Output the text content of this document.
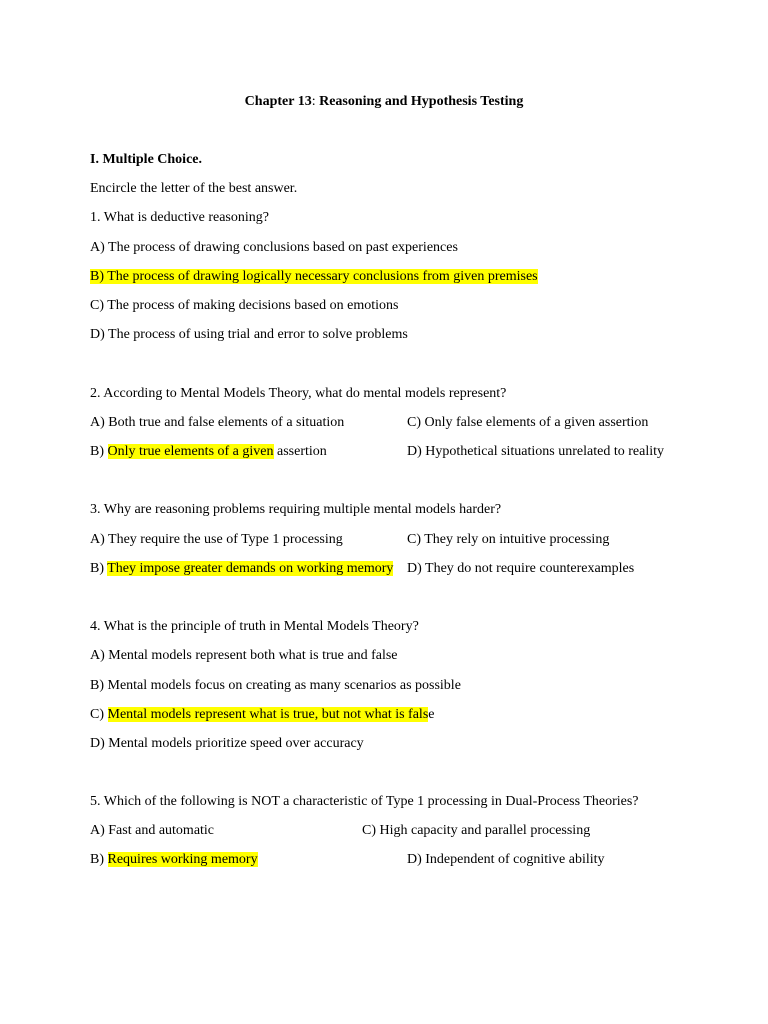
Chapter 13: Reasoning and Hypothesis Testing
I. Multiple Choice.
Encircle the letter of the best answer.
1. What is deductive reasoning?
A) The process of drawing conclusions based on past experiences
B) The process of drawing logically necessary conclusions from given premises
C) The process of making decisions based on emotions
D) The process of using trial and error to solve problems
2. According to Mental Models Theory, what do mental models represent?
A) Both true and false elements of a situation	C) Only false elements of a given assertion
B) Only true elements of a given assertion	D) Hypothetical situations unrelated to reality
3. Why are reasoning problems requiring multiple mental models harder?
A) They require the use of Type 1 processing	C) They rely on intuitive processing
B) They impose greater demands on working memory D) They do not require counterexamples
4. What is the principle of truth in Mental Models Theory?
A) Mental models represent both what is true and false
B) Mental models focus on creating as many scenarios as possible
C) Mental models represent what is true, but not what is false
D) Mental models prioritize speed over accuracy
5. Which of the following is NOT a characteristic of Type 1 processing in Dual-Process Theories?
A) Fast and automatic	C) High capacity and parallel processing
B) Requires working memory	D) Independent of cognitive ability
